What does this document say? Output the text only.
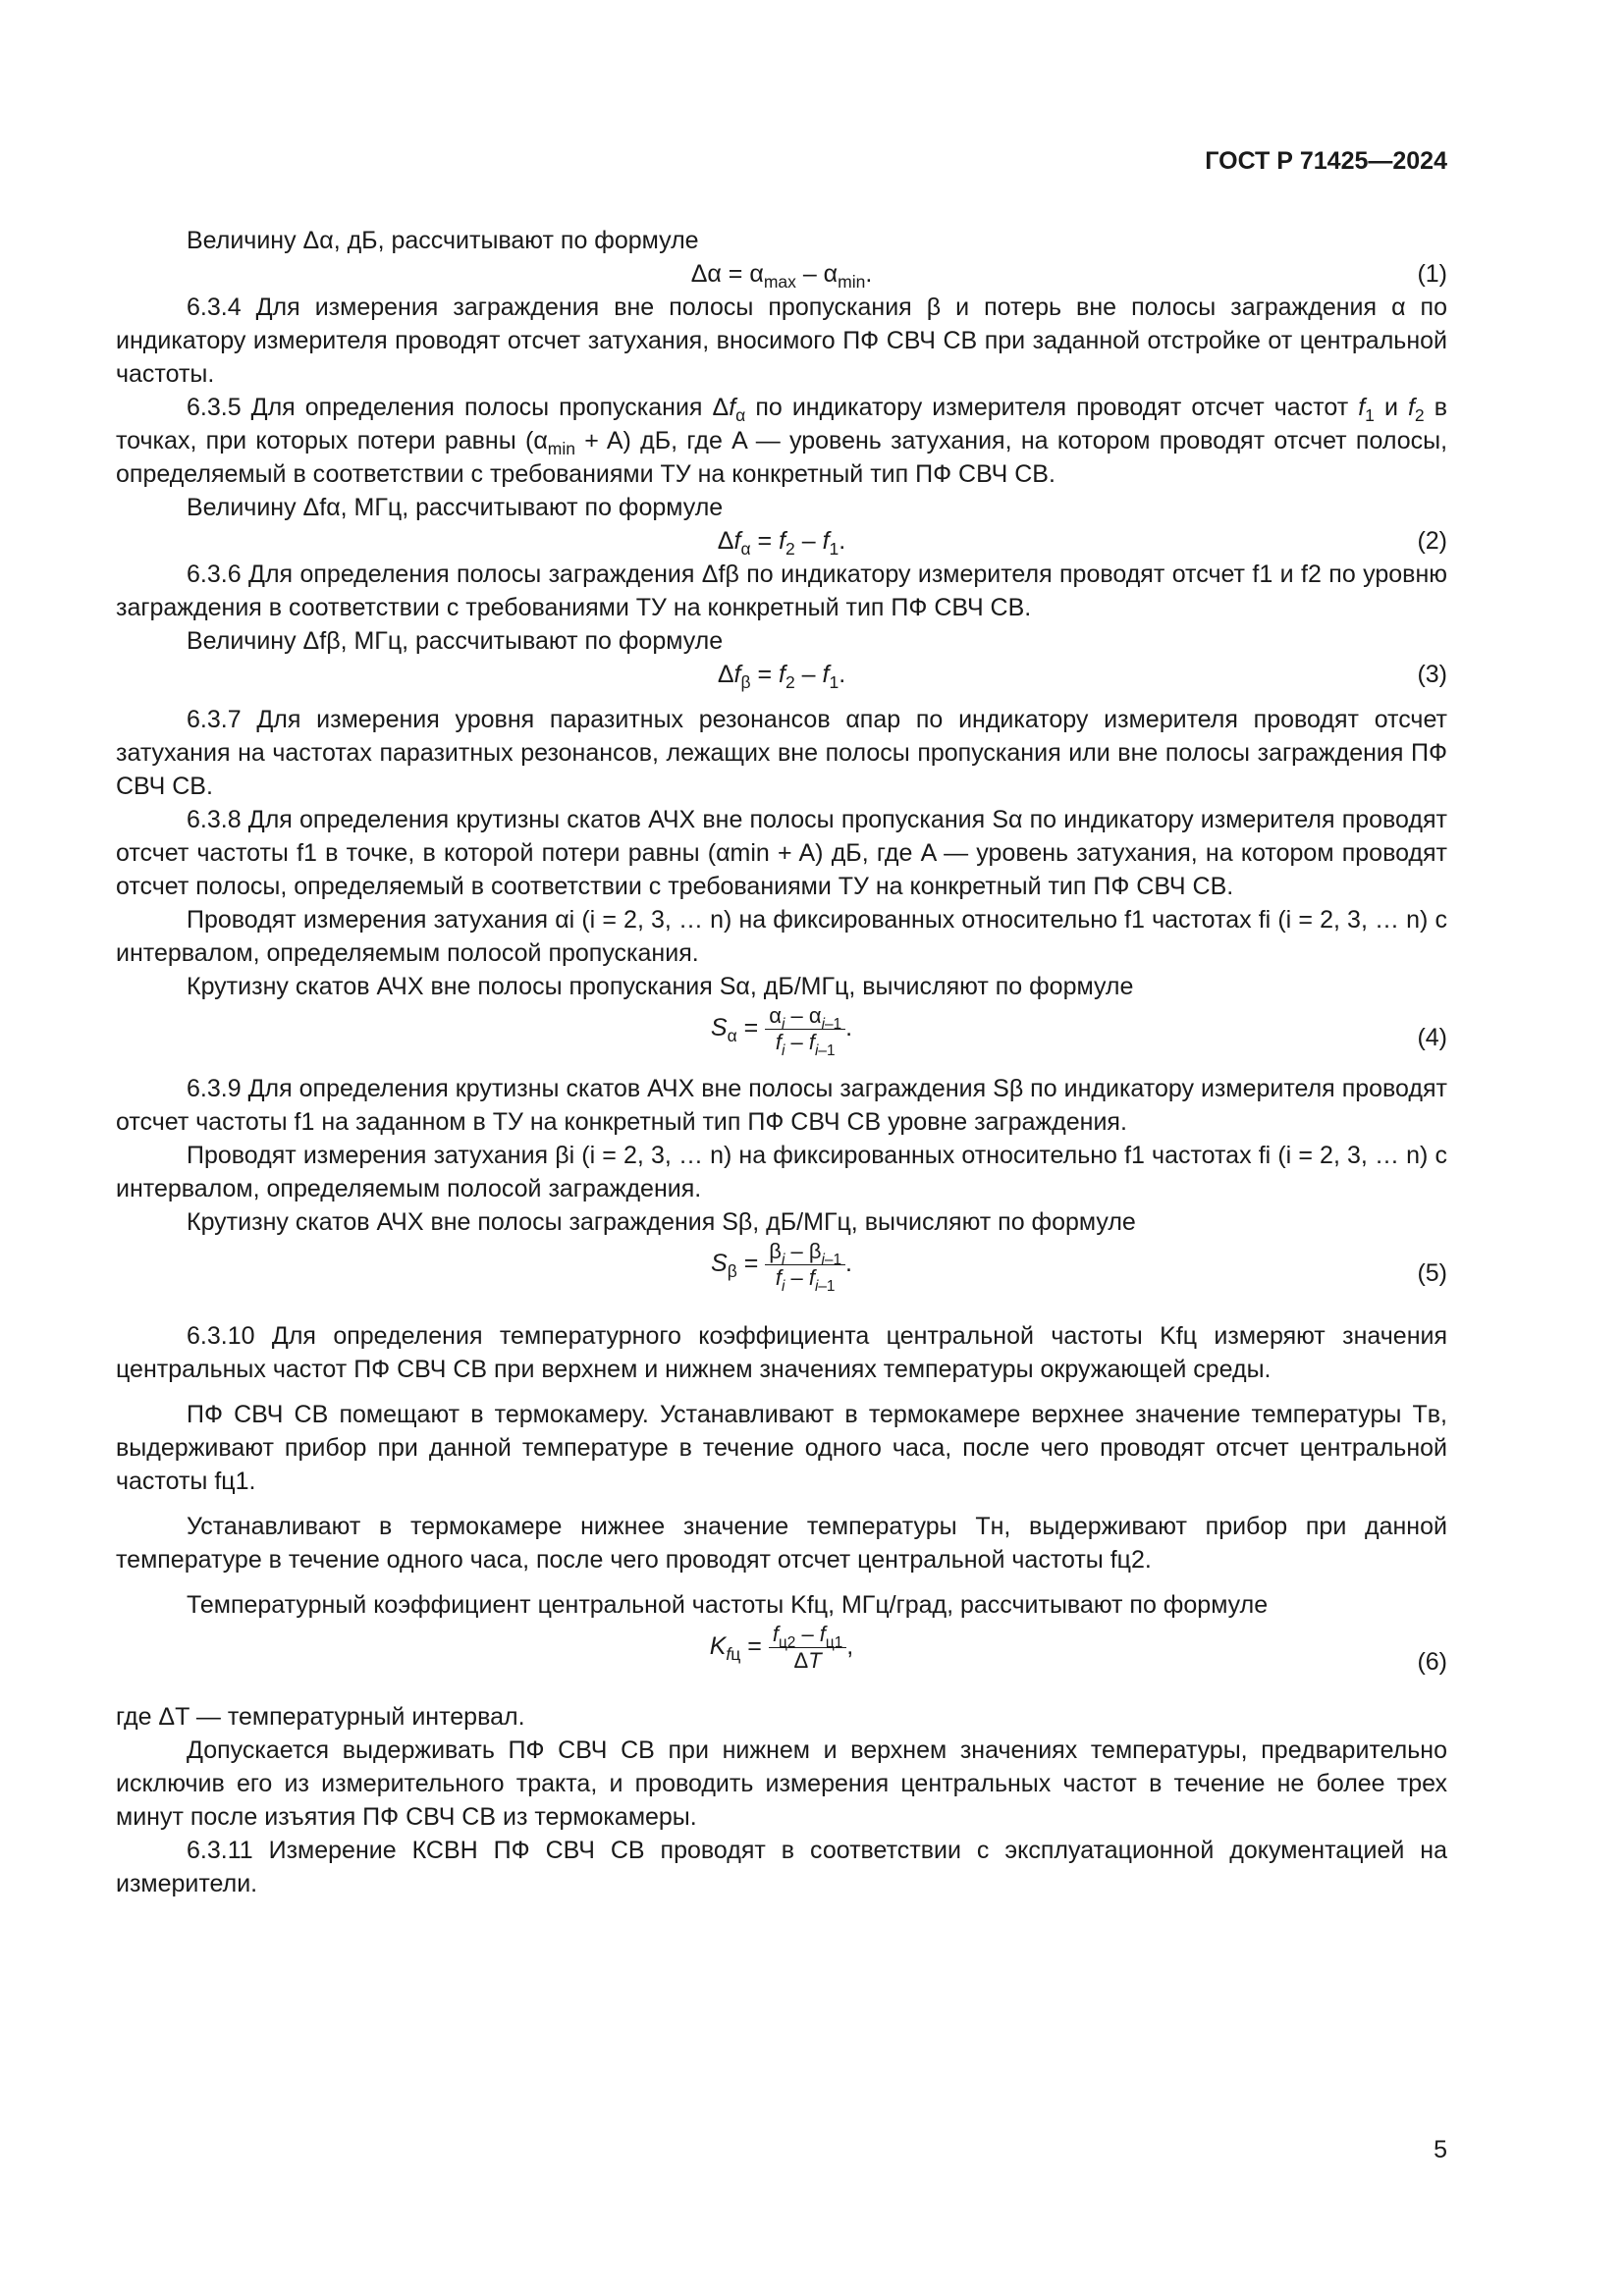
ГОСТ Р 71425—2024

Величину Δα, дБ, рассчитывают по формуле

$\Delta\alpha = \alpha_{max} - \alpha_{min}$.	(1)

6.3.4 Для измерения заграждения вне полосы пропускания β и потерь вне полосы заграждения α по индикатору измерителя проводят отсчет затухания, вносимого ПФ СВЧ СВ при заданной отстройке от центральной частоты.

6.3.5 Для определения полосы пропускания $\Delta f_\alpha$ по индикатору измерителя проводят отсчет частот $f_1$ и $f_2$ в точках, при которых потери равны $(\alpha_{min} + A)$ дБ, где A — уровень затухания, на котором проводят отсчет полосы, определяемый в соответствии с требованиями ТУ на конкретный тип ПФ СВЧ СВ.

Величину Δfα, МГц, рассчитывают по формуле

$\Delta f_\alpha = f_2 - f_1$.	(2)

6.3.6 Для определения полосы заграждения Δfβ по индикатору измерителя проводят отсчет f1 и f2 по уровню заграждения в соответствии с требованиями ТУ на конкретный тип ПФ СВЧ СВ.

Величину Δfβ, МГц, рассчитывают по формуле

$\Delta f_\beta = f_2 - f_1$.	(3)

6.3.7 Для измерения уровня паразитных резонансов αпар по индикатору измерителя проводят отсчет затухания на частотах паразитных резонансов, лежащих вне полосы пропускания или вне полосы заграждения ПФ СВЧ СВ.

6.3.8 Для определения крутизны скатов АЧХ вне полосы пропускания Sα по индикатору измерителя проводят отсчет частоты f1 в точке, в которой потери равны (αmin + A) дБ, где A — уровень затухания, на котором проводят отсчет полосы, определяемый в соответствии с требованиями ТУ на конкретный тип ПФ СВЧ СВ.

Проводят измерения затухания αi (i = 2, 3, … n) на фиксированных относительно f1 частотах fi (i = 2, 3, … n) с интервалом, определяемым полосой пропускания.

Крутизну скатов АЧХ вне полосы пропускания Sα, дБ/МГц, вычисляют по формуле

$S_\alpha = \frac{\alpha_i - \alpha_{i-1}}{f_i - f_{i-1}}$ .	(4)

6.3.9 Для определения крутизны скатов АЧХ вне полосы заграждения Sβ по индикатору измерителя проводят отсчет частоты f1 на заданном в ТУ на конкретный тип ПФ СВЧ СВ уровне заграждения.

Проводят измерения затухания βi (i = 2, 3, … n) на фиксированных относительно f1 частотах fi (i = 2, 3, … n) с интервалом, определяемым полосой заграждения.

Крутизну скатов АЧХ вне полосы заграждения Sβ, дБ/МГц, вычисляют по формуле

$S_\beta = \frac{\beta_i - \beta_{i-1}}{f_i - f_{i-1}}$ .	(5)

6.3.10 Для определения температурного коэффициента центральной частоты Kfц измеряют значения центральных частот ПФ СВЧ СВ при верхнем и нижнем значениях температуры окружающей среды.

ПФ СВЧ СВ помещают в термокамеру. Устанавливают в термокамере верхнее значение температуры Tв, выдерживают прибор при данной температуре в течение одного часа, после чего проводят отсчет центральной частоты fц1.

Устанавливают в термокамере нижнее значение температуры Tн, выдерживают прибор при данной температуре в течение одного часа, после чего проводят отсчет центральной частоты fц2.

Температурный коэффициент центральной частоты Kfц, МГц/град, рассчитывают по формуле

$K_{fц} = \frac{f_{ц2} - f_{ц1}}{\Delta T}$ ,
(6)

где ΔT — температурный интервал.

Допускается выдерживать ПФ СВЧ СВ при нижнем и верхнем значениях температуры, предварительно исключив его из измерительного тракта, и проводить измерения центральных частот в течение не более трех минут после изъятия ПФ СВЧ СВ из термокамеры.

6.3.11 Измерение КСВН ПФ СВЧ СВ проводят в соответствии с эксплуатационной документацией на измерители.

5
